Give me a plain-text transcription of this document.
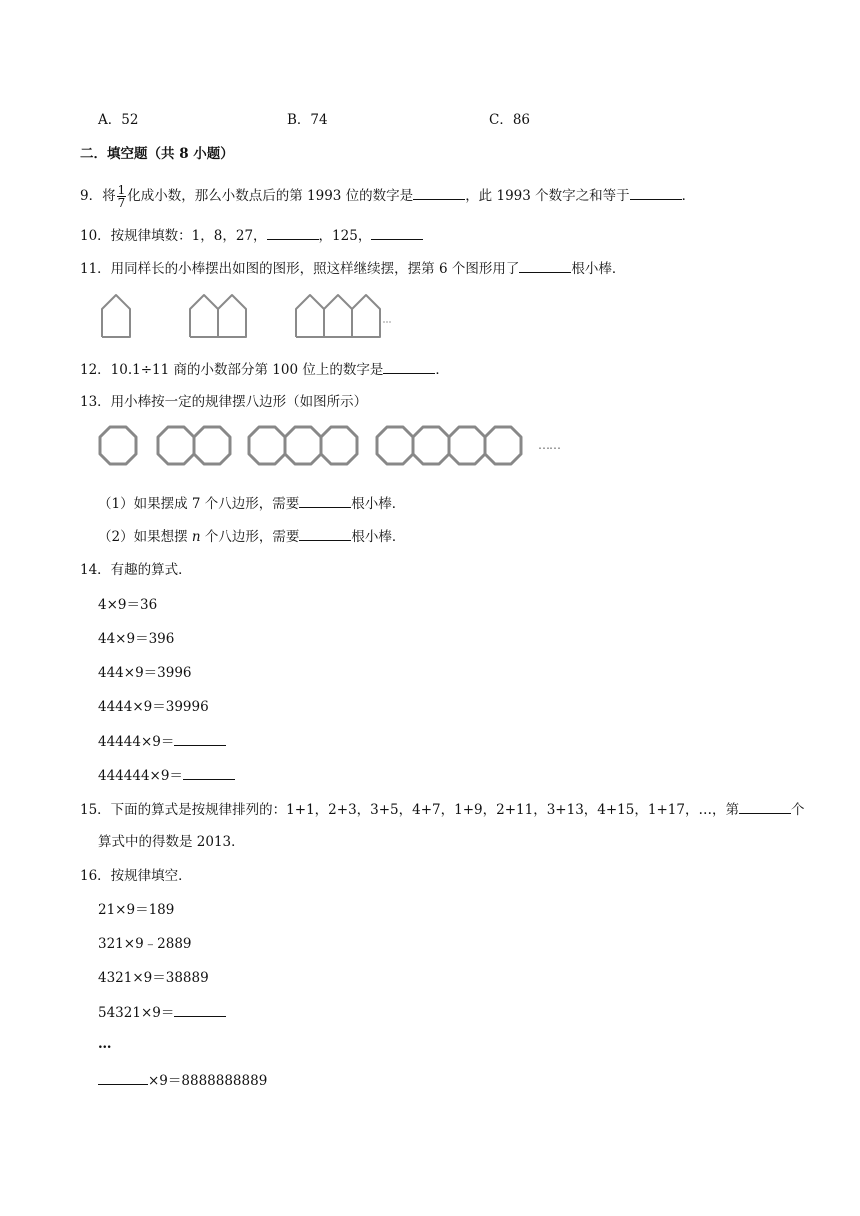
A．52	B．74	C．86
二．填空题（共 8 小题）
9．将 $\frac{1}{7}$ 化成小数，那么小数点后的第 1993 位的数字是	，此 1993 个数字之和等于	．
10．按规律填数：1，8，27，	，125，
11．用同样长的小棒摆出如图的图形，照这样继续摆，摆第 6 个图形用了	根小棒．
12．10.1÷11 商的小数部分第 100 位上的数字是	．
13．用小棒按一定的规律摆八边形（如图所示）
……
（1）如果摆成 7 个八边形，需要	根小棒．
（2）如果想摆 n 个八边形，需要	根小棒．
14．有趣的算式．
4×9＝36
44×9＝396
444×9＝3996
4444×9＝39996
44444×9＝
444444×9＝
15．下面的算式是按规律排列的：1+1，2+3，3+5，4+7，1+9，2+11，3+13，4+15，1+17，…，第	个
算式中的得数是 2013．
16．按规律填空．
21×9＝189
321×9﹣2889
4321×9＝38889
54321×9＝
…
×9＝8888888889
